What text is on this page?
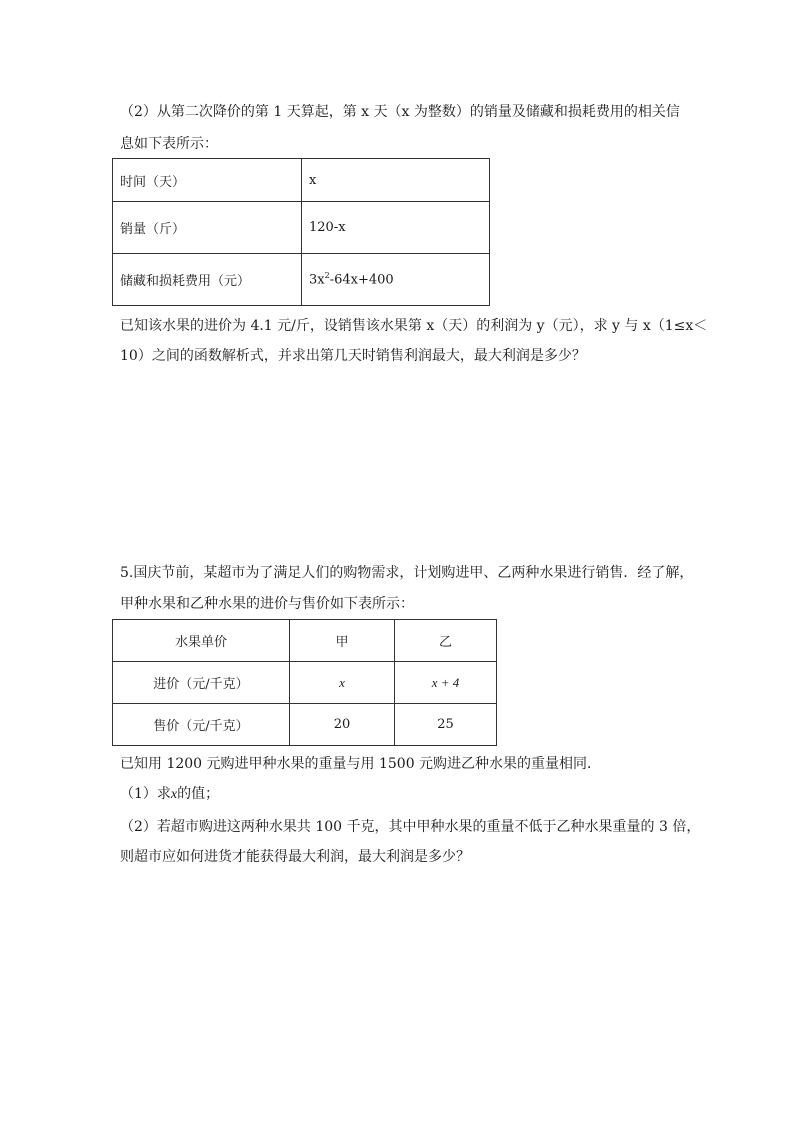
（2）从第二次降价的第 1 天算起，第 x 天（x 为整数）的销量及储藏和损耗费用的相关信
息如下表所示：
时间（天）	x
销量（斤）	120-x
储藏和损耗费用（元）	$3x^2-64x+400$
已知该水果的进价为 4.1 元/斤，设销售该水果第 x（天）的利润为 y（元），求 y 与 x（1≤x＜
10）之间的函数解析式，并求出第几天时销售利润最大，最大利润是多少？
5.国庆节前，某超市为了满足人们的购物需求，计划购进甲、乙两种水果进行销售．经了解，
甲种水果和乙种水果的进价与售价如下表所示：
水果单价	甲	乙
进价（元/千克）	x	x + 4
售价（元/千克）	20	25
已知用 1200 元购进甲种水果的重量与用 1500 元购进乙种水果的重量相同．
（1）求x的值；
（2）若超市购进这两种水果共 100 千克，其中甲种水果的重量不低于乙种水果重量的 3 倍，
则超市应如何进货才能获得最大利润，最大利润是多少？
